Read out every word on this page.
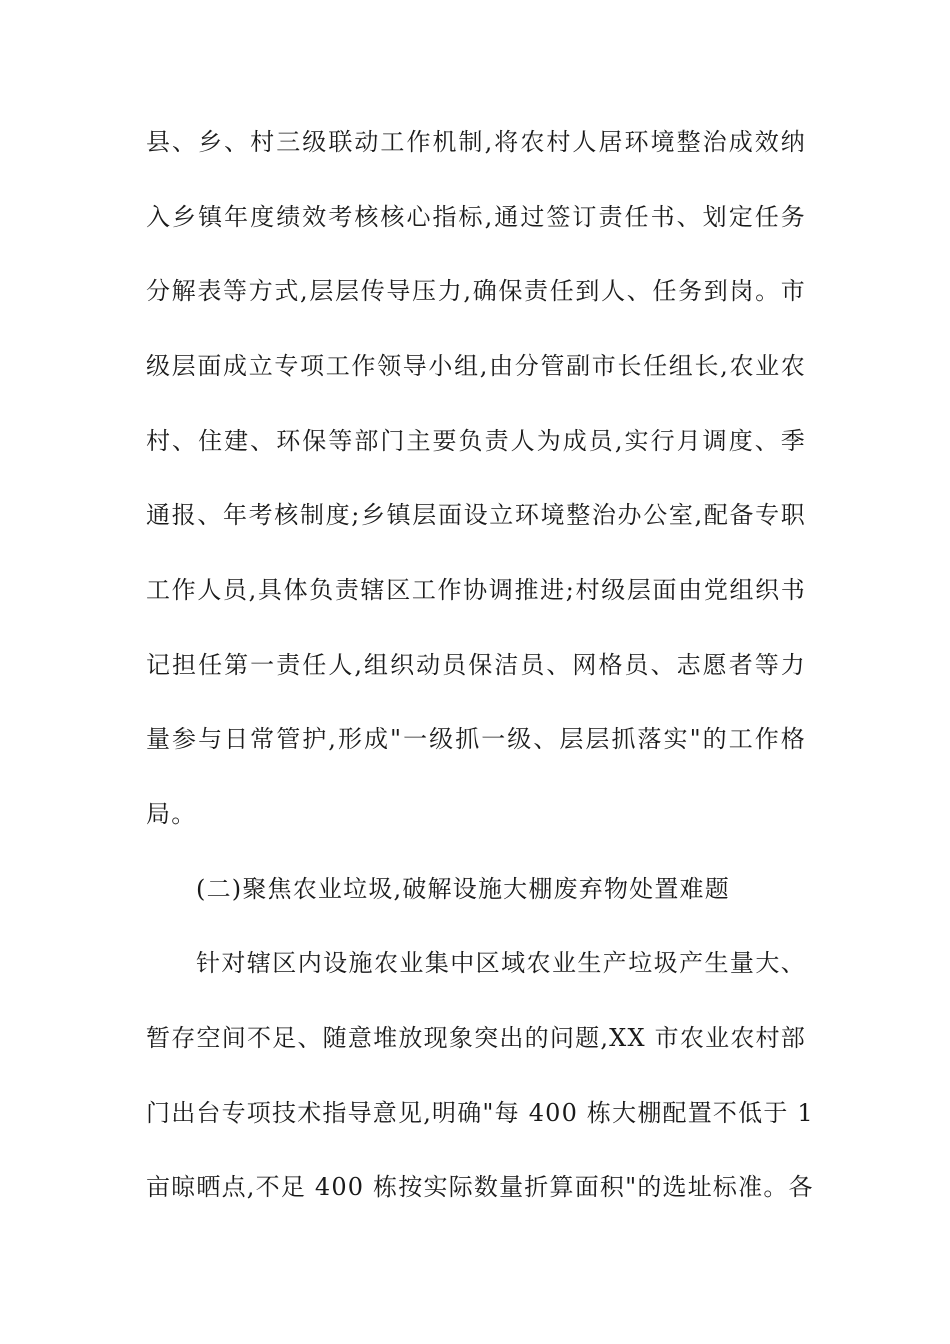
县、乡、村三级联动工作机制,将农村人居环境整治成效纳
入乡镇年度绩效考核核心指标,通过签订责任书、划定任务
分解表等方式,层层传导压力,确保责任到人、任务到岗。市
级层面成立专项工作领导小组,由分管副市长任组长,农业农
村、住建、环保等部门主要负责人为成员,实行月调度、季
通报、年考核制度;乡镇层面设立环境整治办公室,配备专职
工作人员,具体负责辖区工作协调推进;村级层面由党组织书
记担任第一责任人,组织动员保洁员、网格员、志愿者等力
量参与日常管护,形成"一级抓一级、层层抓落实"的工作格
局。
(二)聚焦农业垃圾,破解设施大棚废弃物处置难题
针对辖区内设施农业集中区域农业生产垃圾产生量大、
暂存空间不足、随意堆放现象突出的问题,XX 市农业农村部
门出台专项技术指导意见,明确"每 400 栋大棚配置不低于 1
亩晾晒点,不足 400 栋按实际数量折算面积"的选址标准。各
